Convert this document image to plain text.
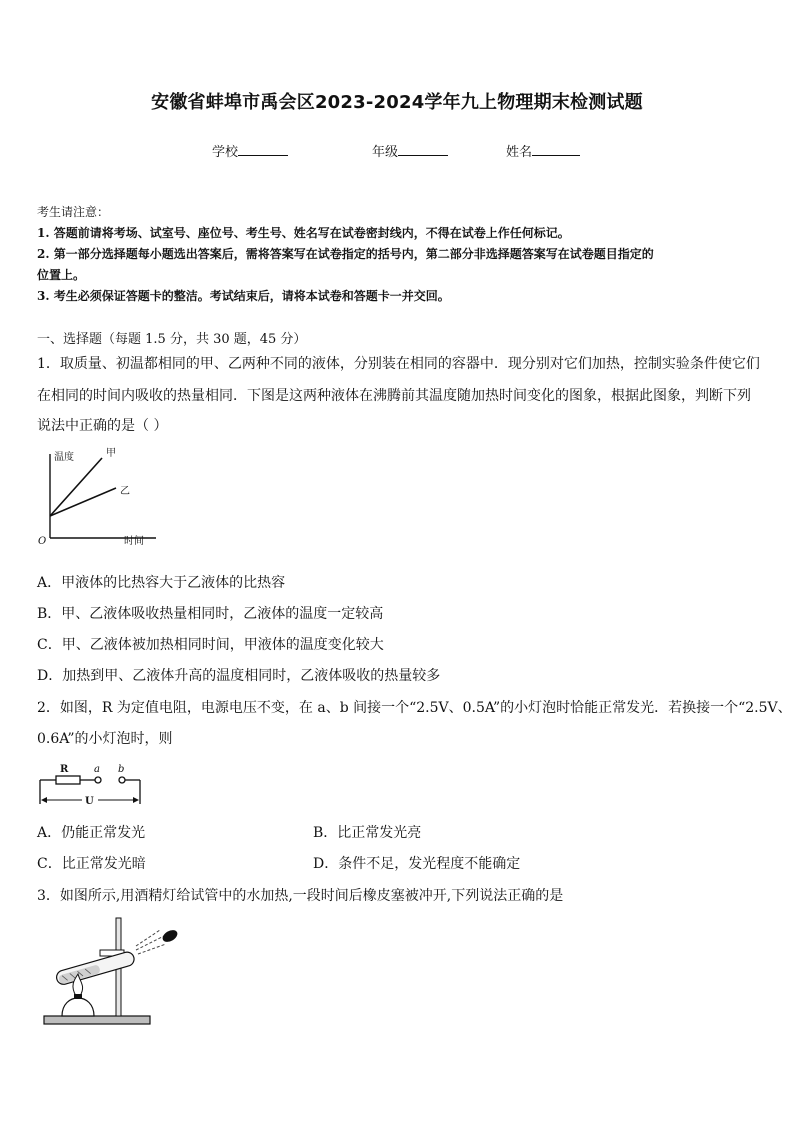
安徽省蚌埠市禹会区2023-2024学年九上物理期末检测试题
学校	年级	姓名
考生请注意：
1. 答题前请将考场、试室号、座位号、考生号、姓名写在试卷密封线内，不得在试卷上作任何标记。
2. 第一部分选择题每小题选出答案后，需将答案写在试卷指定的括号内，第二部分非选择题答案写在试卷题目指定的
位置上。
3. 考生必须保证答题卡的整洁。考试结束后，请将本试卷和答题卡一并交回。
一、选择题（每题 1.5 分，共 30 题，45 分）
1．取质量、初温都相同的甲、乙两种不同的液体，分别装在相同的容器中．现分别对它们加热，控制实验条件使它们
在相同的时间内吸收的热量相同．下图是这两种液体在沸腾前其温度随加热时间变化的图象，根据此图象，判断下列
说法中正确的是（ ）
温度
时间
O
甲
乙
A．甲液体的比热容大于乙液体的比热容
B．甲、乙液体吸收热量相同时，乙液体的温度一定较高
C．甲、乙液体被加热相同时间，甲液体的温度变化较大
D．加热到甲、乙液体升高的温度相同时，乙液体吸收的热量较多
2．如图，R 为定值电阻，电源电压不变，在 a、b 间接一个“2.5V、0.5A”的小灯泡时恰能正常发光．若换接一个“2.5V、
0.6A”的小灯泡时，则
R	a b
U
A．仍能正常发光	B．比正常发光亮
C．比正常发光暗	D．条件不足，发光程度不能确定
3．如图所示,用酒精灯给试管中的水加热,一段时间后橡皮塞被冲开,下列说法正确的是
